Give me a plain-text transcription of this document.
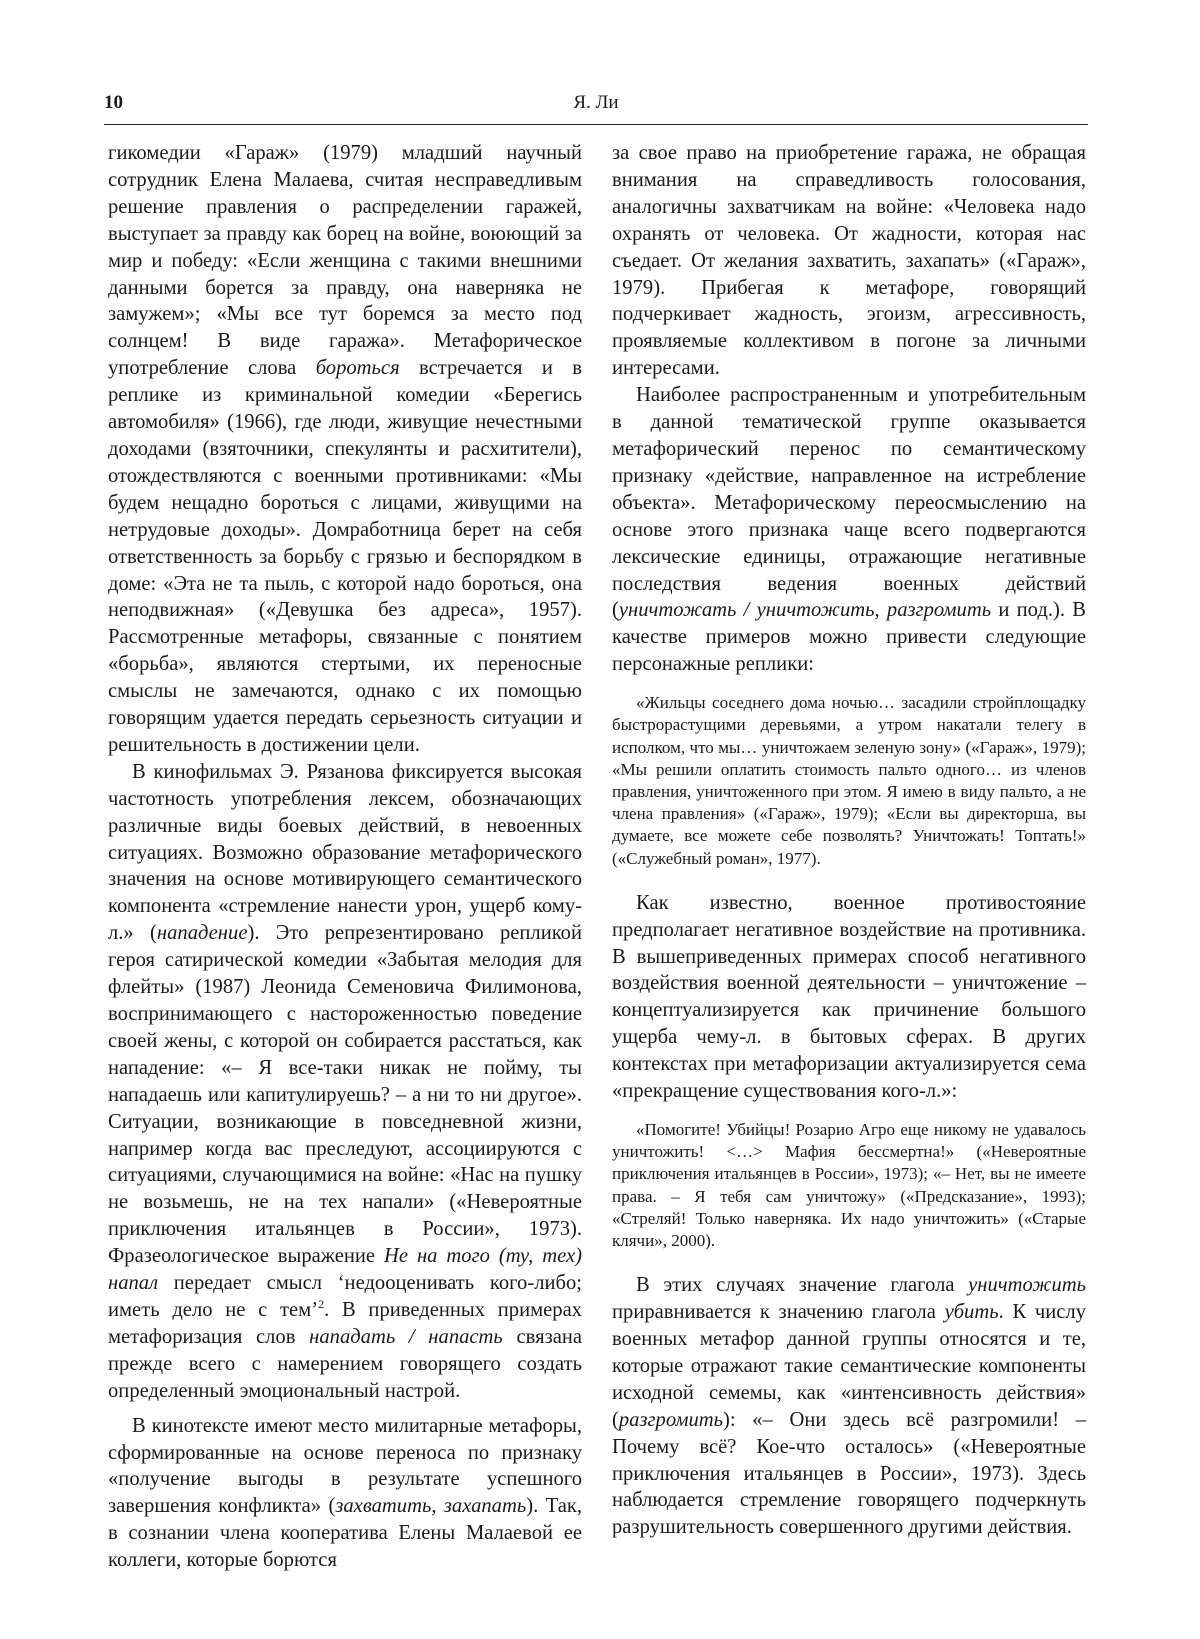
10	Я. Ли

гикомедии «Гараж» (1979) младший научный сотрудник Елена Малаева, считая несправедливым решение правления о распределении гаражей, выступает за правду как борец на войне, воюющий за мир и победу: «Если женщина с такими внешними данными борется за правду, она наверняка не замужем»; «Мы все тут боремся за место под солнцем! В виде гаража». Метафорическое употребление слова бороться встречается и в реплике из криминальной комедии «Берегись автомобиля» (1966), где люди, живущие нечестными доходами (взяточники, спекулянты и расхитители), отождествляются с военными противниками: «Мы будем нещадно бороться с лицами, живущими на нетрудовые доходы». Домработница берет на себя ответственность за борьбу с грязью и беспорядком в доме: «Эта не та пыль, с которой надо бороться, она неподвижная» («Девушка без адреса», 1957). Рассмотренные метафоры, связанные с понятием «борьба», являются стертыми, их переносные смыслы не замечаются, однако с их помощью говорящим удается передать серьезность ситуации и решительность в достижении цели.

В кинофильмах Э. Рязанова фиксируется высокая частотность употребления лексем, обозначающих различные виды боевых действий, в невоенных ситуациях. Возможно образование метафорического значения на основе мотивирующего семантического компонента «стремление нанести урон, ущерб кому-л.» (нападение). Это репрезентировано репликой героя сатирической комедии «Забытая мелодия для флейты» (1987) Леонида Семеновича Филимонова, воспринимающего с настороженностью поведение своей жены, с которой он собирается расстаться, как нападение: «– Я все-таки никак не пойму, ты нападаешь или капитулируешь? – а ни то ни другое». Ситуации, возникающие в повседневной жизни, например когда вас преследуют, ассоциируются с ситуациями, случающимися на войне: «Нас на пушку не возьмешь, не на тех напали» («Невероятные приключения итальянцев в России», 1973). Фразеологическое выражение Не на того (ту, тех) напал передает смысл ‘недооценивать кого-либо; иметь дело не с тем’$^2$. В приведенных примерах метафоризация слов нападать / напасть связана прежде всего с намерением говорящего создать определенный эмоциональный настрой.

В кинотексте имеют место милитарные метафоры, сформированные на основе переноса по признаку «получение выгоды в результате успешного завершения конфликта» (захватить, захапать). Так, в сознании члена кооператива Елены Малаевой ее коллеги, которые борются

за свое право на приобретение гаража, не обращая внимания на справедливость голосования, аналогичны захватчикам на войне: «Человека надо охранять от человека. От жадности, которая нас съедает. От желания захватить, захапать» («Гараж», 1979). Прибегая к метафоре, говорящий подчеркивает жадность, эгоизм, агрессивность, проявляемые коллективом в погоне за личными интересами.

Наиболее распространенным и употребительным в данной тематической группе оказывается метафорический перенос по семантическому признаку «действие, направленное на истребление объекта». Метафорическому переосмыслению на основе этого признака чаще всего подвергаются лексические единицы, отражающие негативные последствия ведения военных действий (уничтожать / уничтожить, разгромить и под.). В качестве примеров можно привести следующие персонажные реплики:

«Жильцы соседнего дома ночью… засадили стройплощадку быстрорастущими деревьями, а утром накатали телегу в исполком, что мы… уничтожаем зеленую зону» («Гараж», 1979); «Мы решили оплатить стоимость пальто одного… из членов правления, уничтоженного при этом. Я имею в виду пальто, а не члена правления» («Гараж», 1979); «Если вы директорша, вы думаете, все можете себе позволять? Уничтожать! Топтать!» («Служебный роман», 1977).

Как известно, военное противостояние предполагает негативное воздействие на противника. В вышеприведенных примерах способ негативного воздействия военной деятельности – уничтожение – концептуализируется как причинение большого ущерба чему-л. в бытовых сферах. В других контекстах при метафоризации актуализируется сема «прекращение существования кого-л.»:

«Помогите! Убийцы! Розарио Агро еще никому не удавалось уничтожить! <…> Мафия бессмертна!» («Невероятные приключения итальянцев в России», 1973); «– Нет, вы не имеете права. – Я тебя сам уничтожу» («Предсказание», 1993); «Стреляй! Только наверняка. Их надо уничтожить» («Старые клячи», 2000).

В этих случаях значение глагола уничтожить приравнивается к значению глагола убить. К числу военных метафор данной группы относятся и те, которые отражают такие семантические компоненты исходной семемы, как «интенсивность действия» (разгромить): «– Они здесь всё разгромили! – Почему всё? Кое-что осталось» («Невероятные приключения итальянцев в России», 1973). Здесь наблюдается стремление говорящего подчеркнуть разрушительность совершенного другими действия.
